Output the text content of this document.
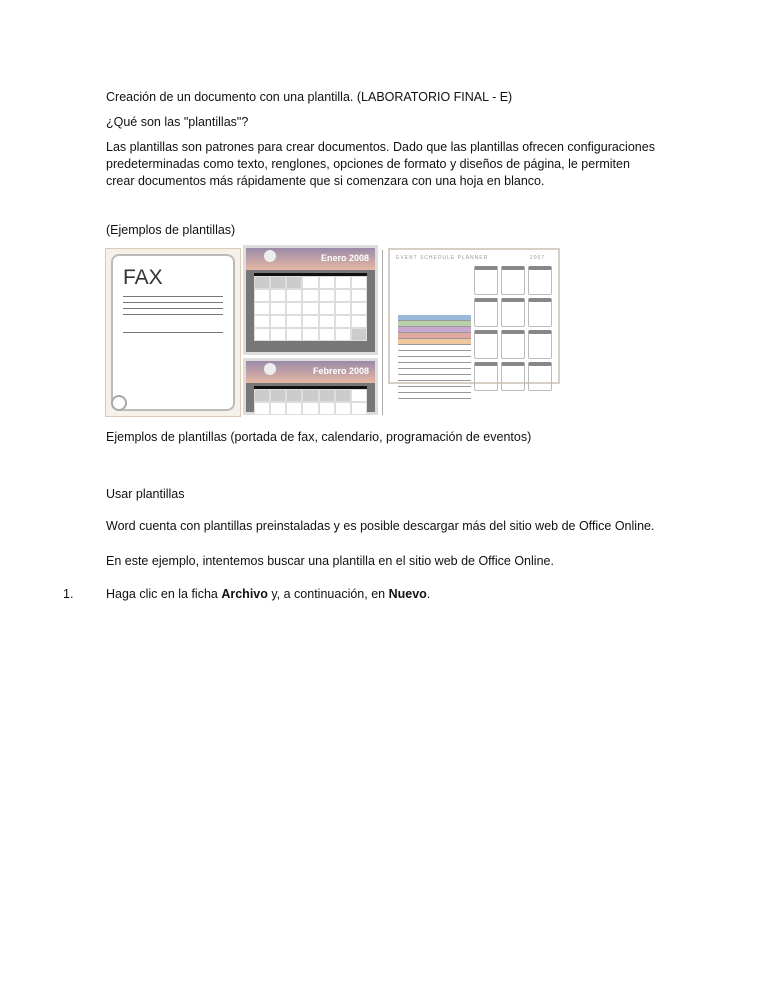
Creación de un documento con una plantilla. (LABORATORIO FINAL - E)
¿Qué son las "plantillas"?
Las plantillas son patrones para crear documentos. Dado que las plantillas ofrecen configuraciones
predeterminadas como texto, renglones, opciones de formato y diseños de página, le permiten
crear documentos más rápidamente que si comenzara con una hoja en blanco.
(Ejemplos de plantillas)
FAX
Enero 2008
Febrero 2008
EVENT SCHEDULE PLANNER	2007
Ejemplos de plantillas (portada de fax, calendario, programación de eventos)
Usar plantillas
Word cuenta con plantillas preinstaladas y es posible descargar más del sitio web de Office Online.
En este ejemplo, intentemos buscar una plantilla en el sitio web de Office Online.
1.	Haga clic en la ficha Archivo y, a continuación, en Nuevo.
